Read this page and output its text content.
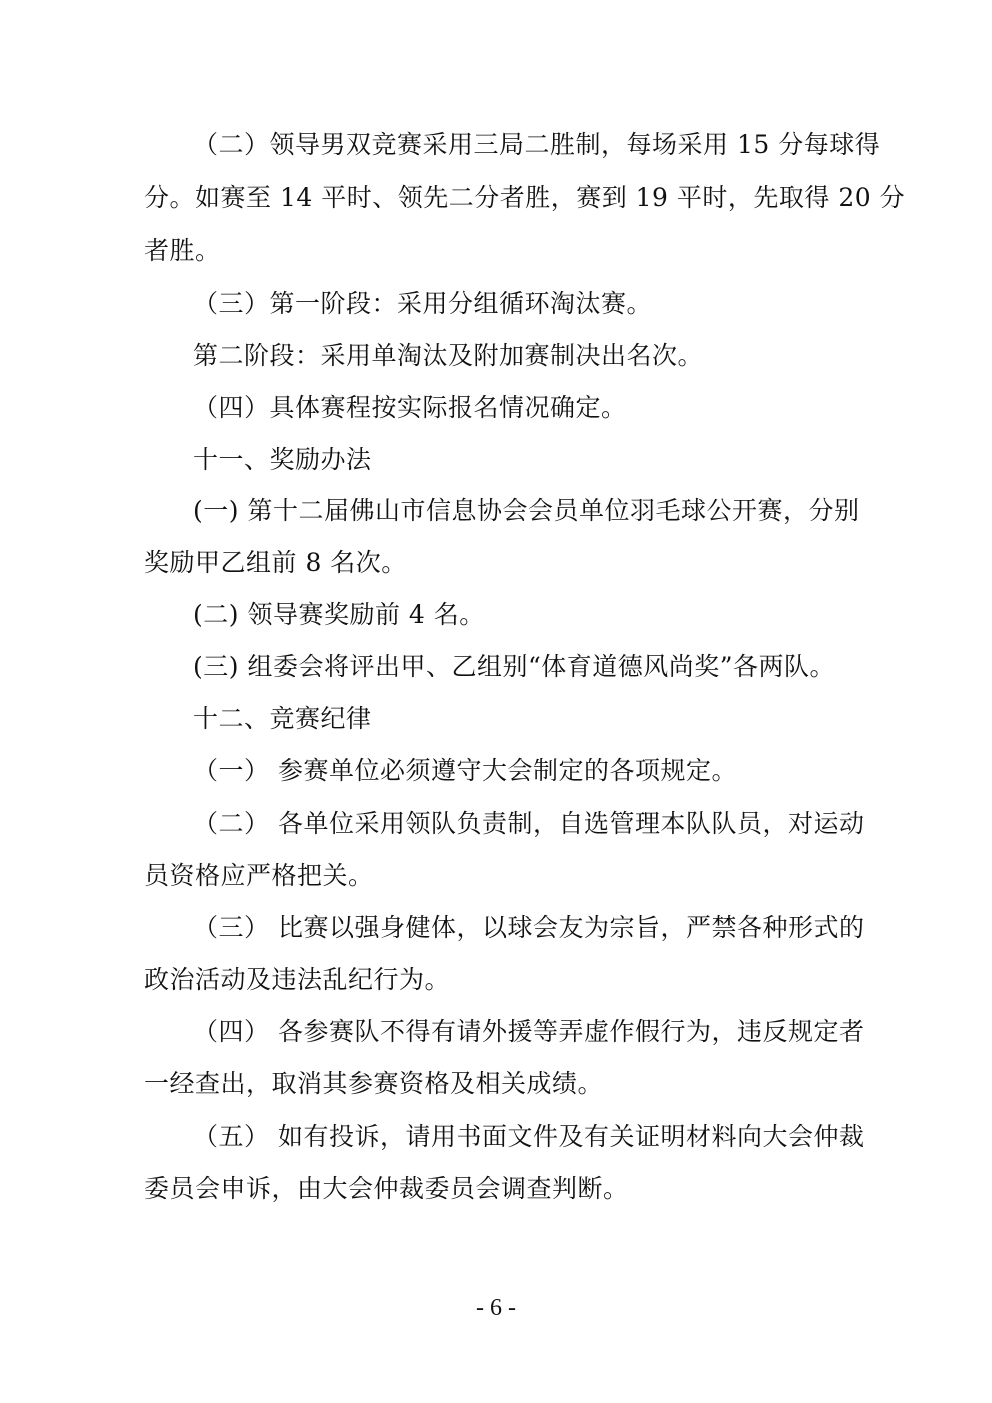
（二）领导男双竞赛采用三局二胜制，每场采用 15 分每球得
分。如赛至 14 平时、领先二分者胜，赛到 19 平时，先取得 20 分
者胜。
（三）第一阶段：采用分组循环淘汰赛。
第二阶段：采用单淘汰及附加赛制决出名次。
（四）具体赛程按实际报名情况确定。
十一、奖励办法
(一) 第十二届佛山市信息协会会员单位羽毛球公开赛，分别
奖励甲乙组前 8 名次。
(二) 领导赛奖励前 4 名。
(三) 组委会将评出甲、乙组别“体育道德风尚奖”各两队。
十二、竞赛纪律
（一） 参赛单位必须遵守大会制定的各项规定。
（二） 各单位采用领队负责制，自选管理本队队员，对运动
员资格应严格把关。
（三） 比赛以强身健体，以球会友为宗旨，严禁各种形式的
政治活动及违法乱纪行为。
（四） 各参赛队不得有请外援等弄虚作假行为，违反规定者
一经查出，取消其参赛资格及相关成绩。
（五） 如有投诉，请用书面文件及有关证明材料向大会仲裁
委员会申诉，由大会仲裁委员会调查判断。
- 6 -
